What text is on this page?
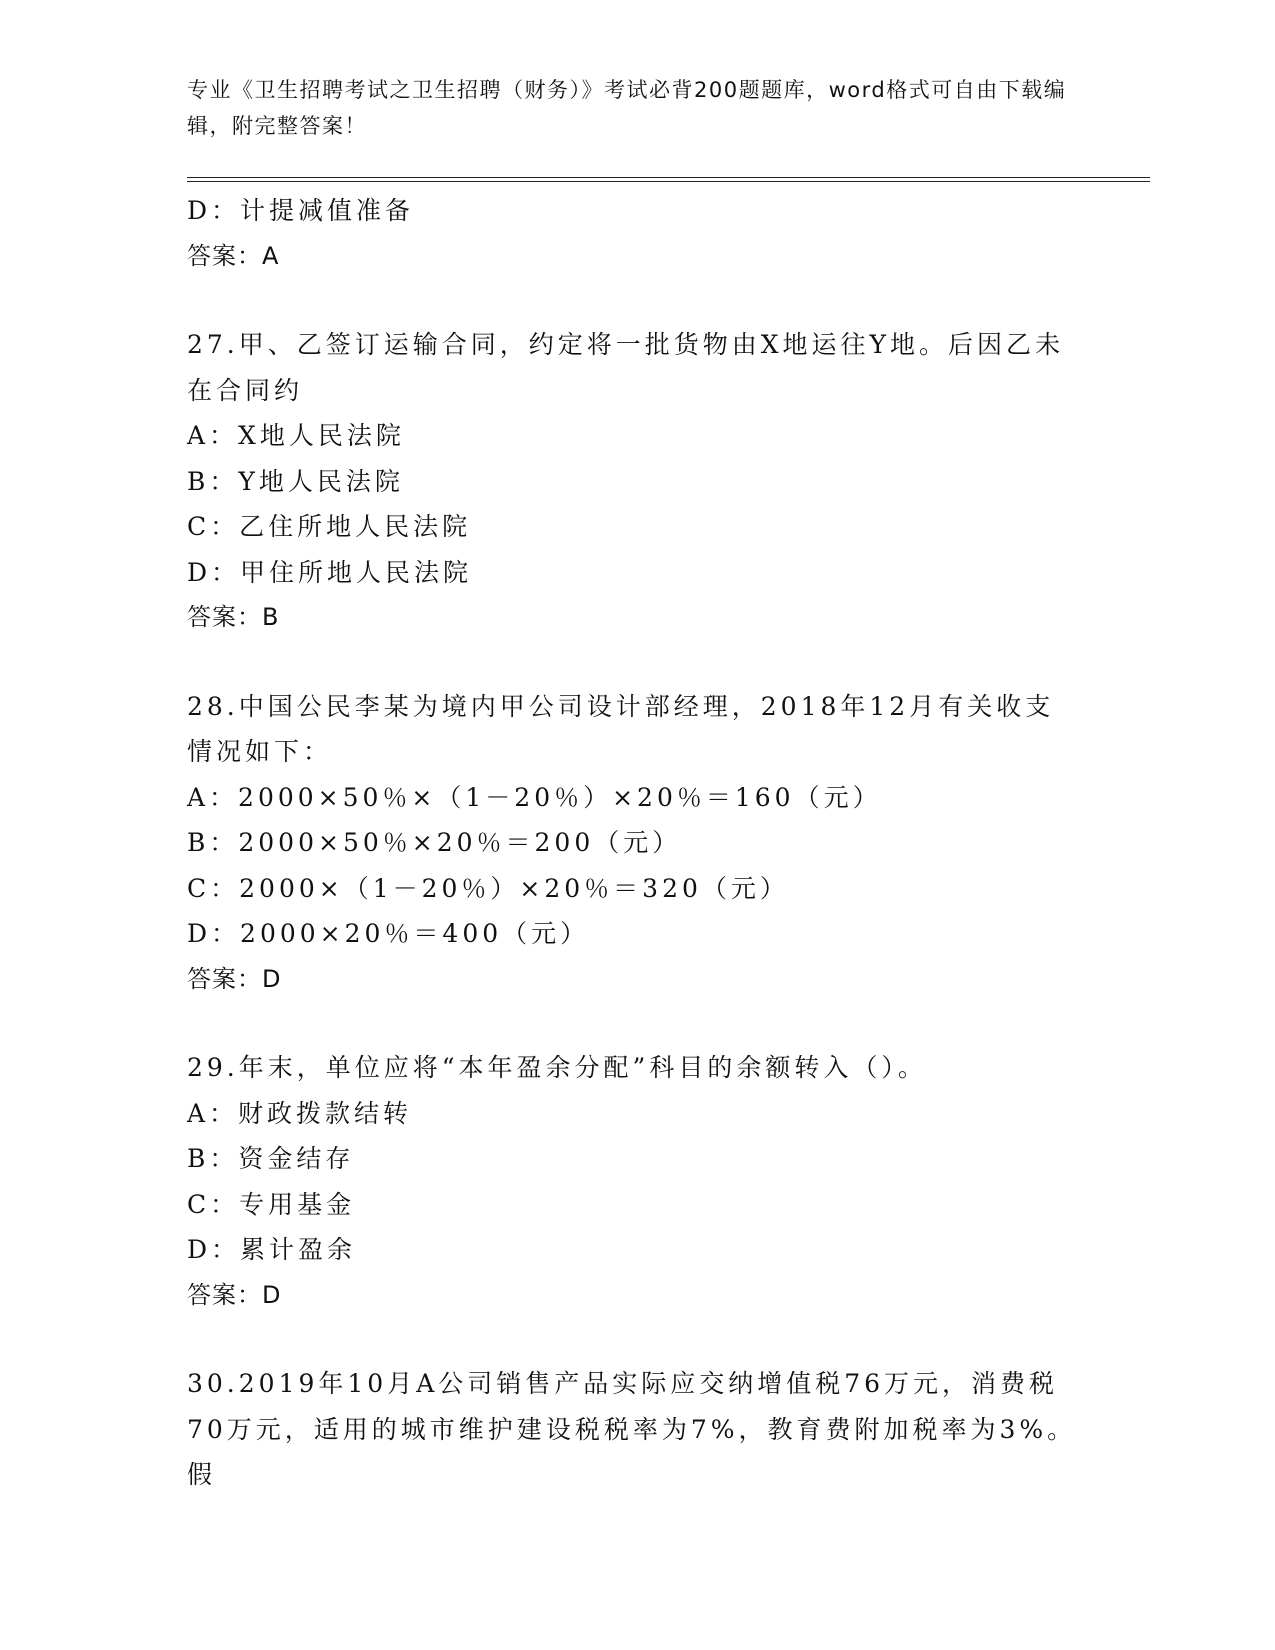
专业《卫生招聘考试之卫生招聘（财务）》考试必背200题题库，word格式可自由下载编辑，附完整答案！
D：计提减值准备
答案：A
27.甲、乙签订运输合同，约定将一批货物由X地运往Y地。后因乙未在合同约
A：X地人民法院
B：Y地人民法院
C：乙住所地人民法院
D：甲住所地人民法院
答案：B
28.中国公民李某为境内甲公司设计部经理，2018年12月有关收支情况如下：
A：2000×50％×（1－20％）×20％＝160（元）
B：2000×50％×20％＝200（元）
C：2000×（1－20％）×20％＝320（元）
D：2000×20％＝400（元）
答案：D
29.年末，单位应将“本年盈余分配”科目的余额转入（）。
A：财政拨款结转
B：资金结存
C：专用基金
D：累计盈余
答案：D
30.2019年10月A公司销售产品实际应交纳增值税76万元，消费税70万元，适用的城市维护建设税税率为7%，教育费附加税率为3%。假
